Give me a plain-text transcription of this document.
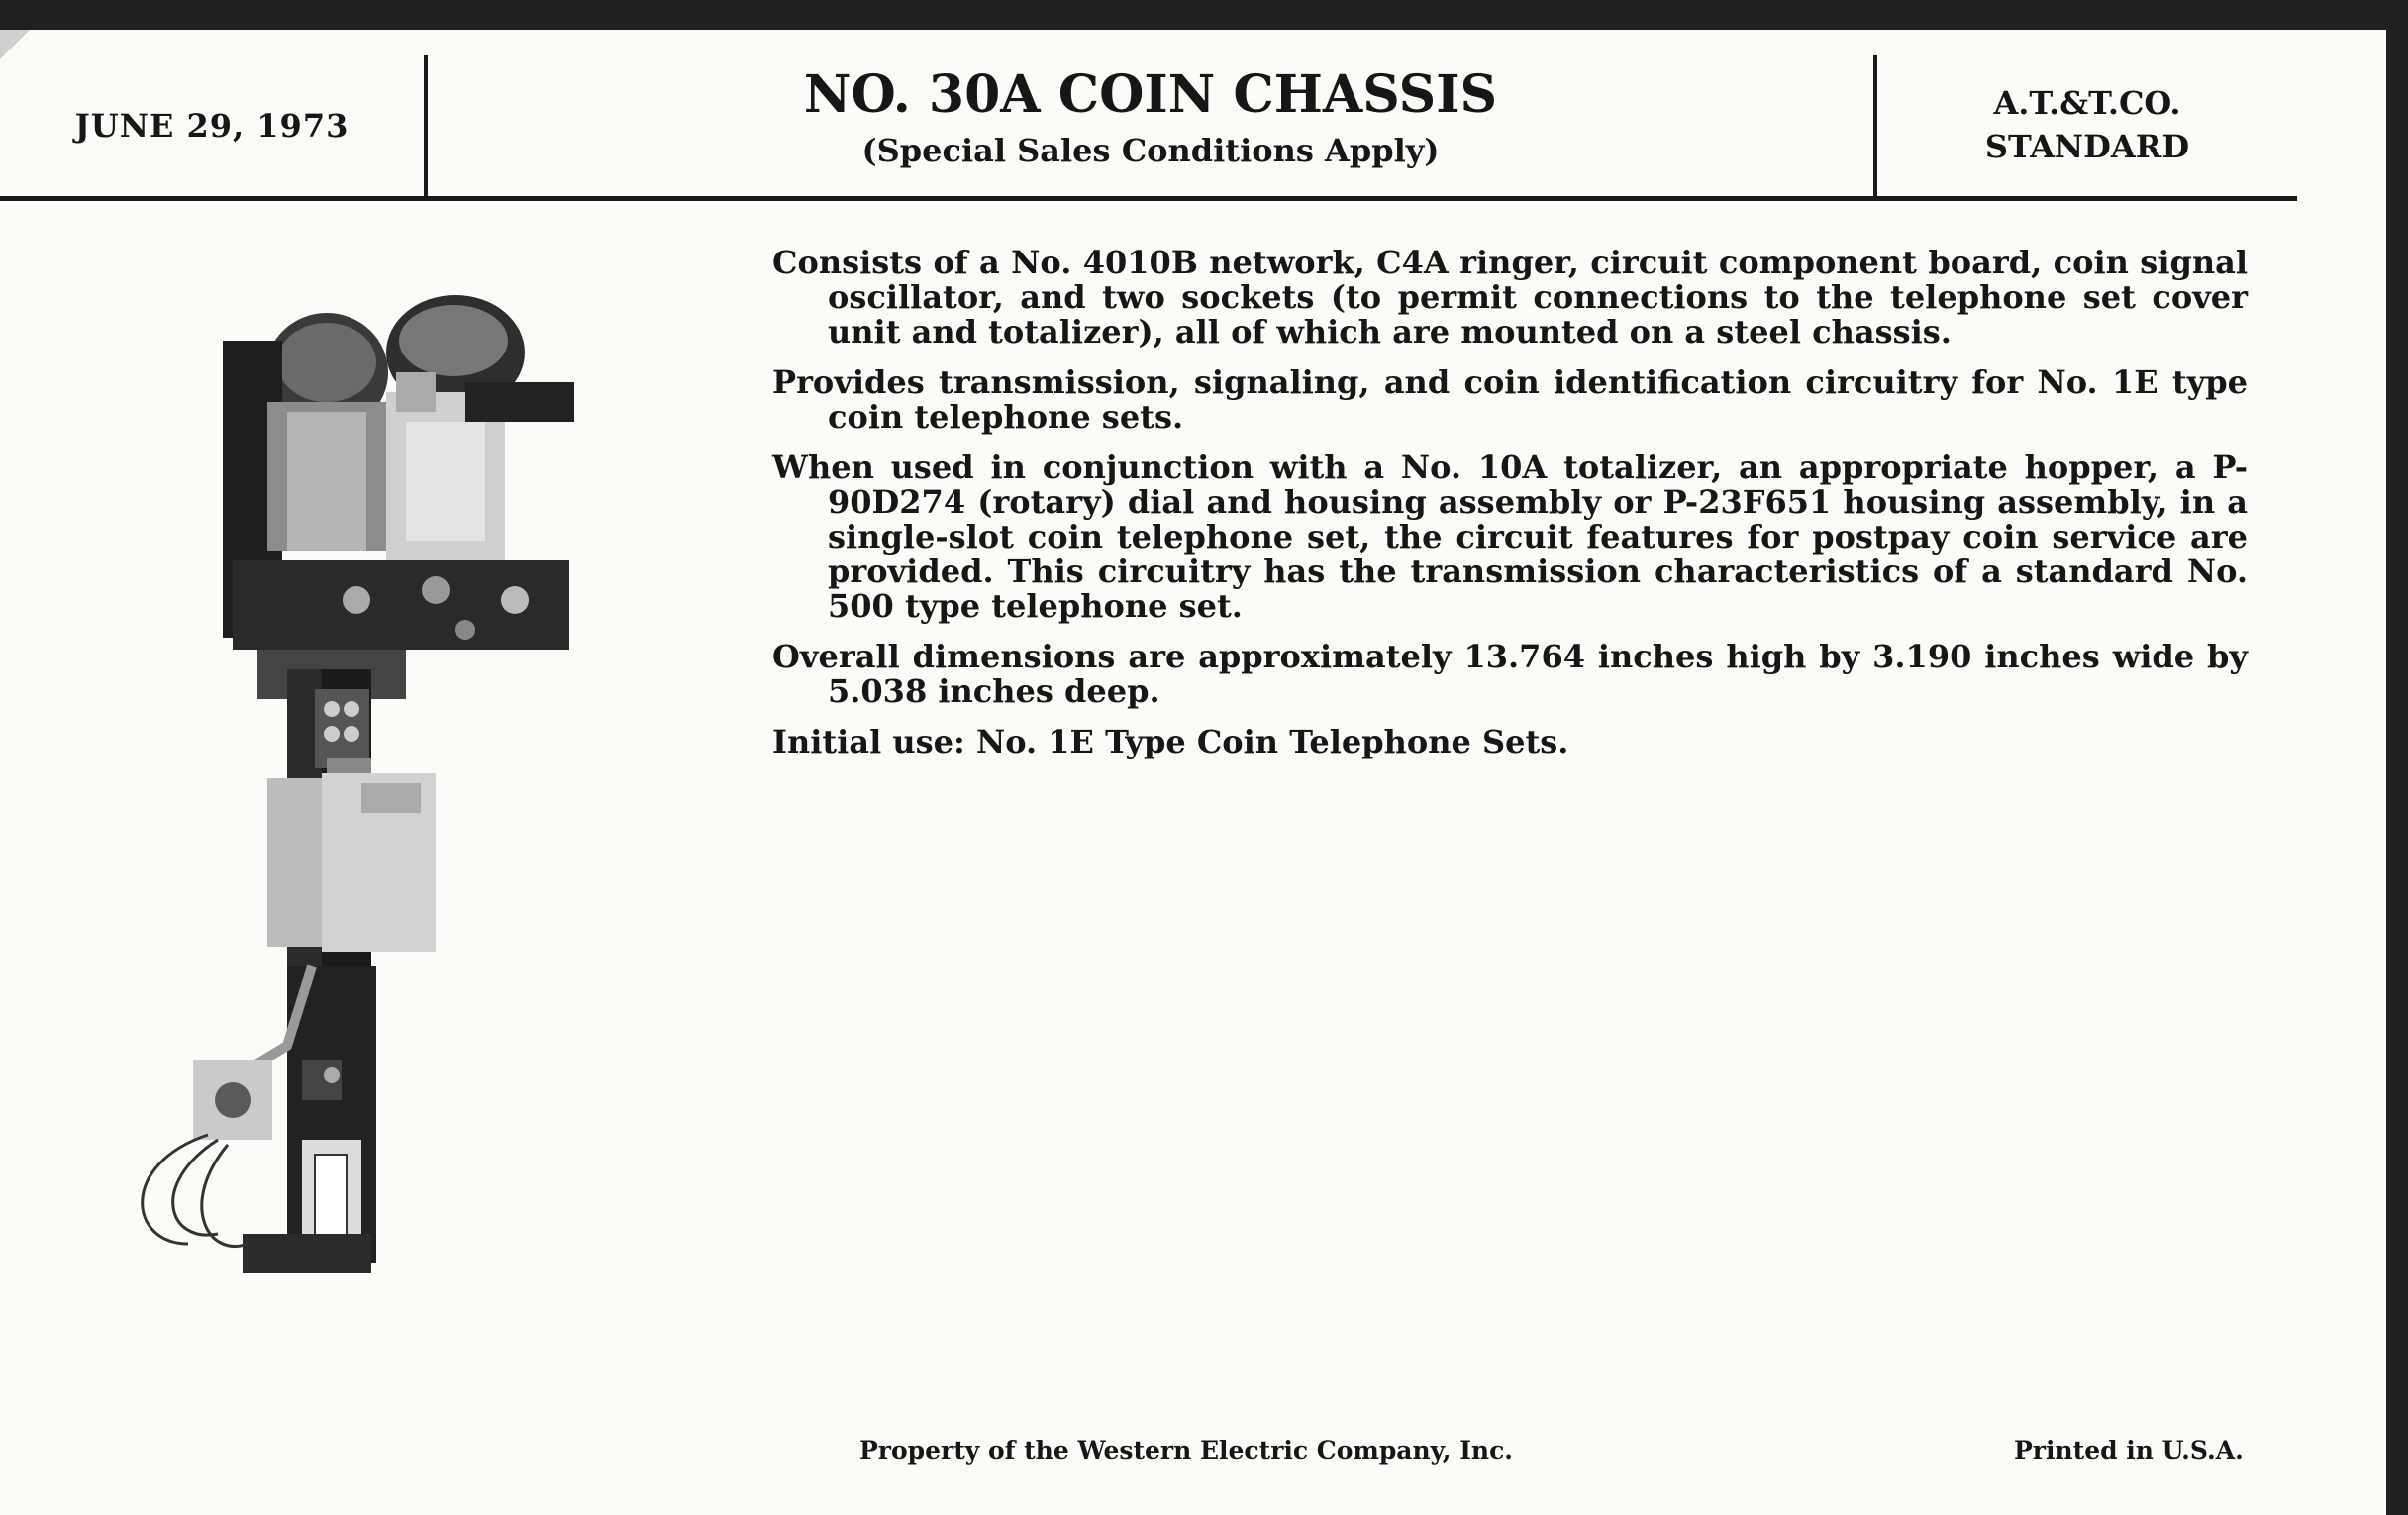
JUNE 29, 1973
NO. 30A COIN CHASSIS
(Special Sales Conditions Apply)
A.T.&T.CO.
STANDARD

Consists of a No. 4010B network, C4A ringer, circuit component board, coin signal oscillator, and two sockets (to permit connections to the telephone set cover unit and totalizer), all of which are mounted on a steel chassis.

Provides transmission, signaling, and coin identification circuitry for No. 1E type coin telephone sets.

When used in conjunction with a No. 10A totalizer, an appropriate hopper, a P-90D274 (rotary) dial and housing assembly or P-23F651 housing assembly, in a single-slot coin telephone set, the circuit features for postpay coin service are provided. This circuitry has the transmission characteristics of a standard No. 500 type telephone set.

Overall dimensions are approximately 13.764 inches high by 3.190 inches wide by 5.038 inches deep.

Initial use: No. 1E Type Coin Telephone Sets.

Property of the Western Electric Company, Inc.	Printed in U.S.A.
